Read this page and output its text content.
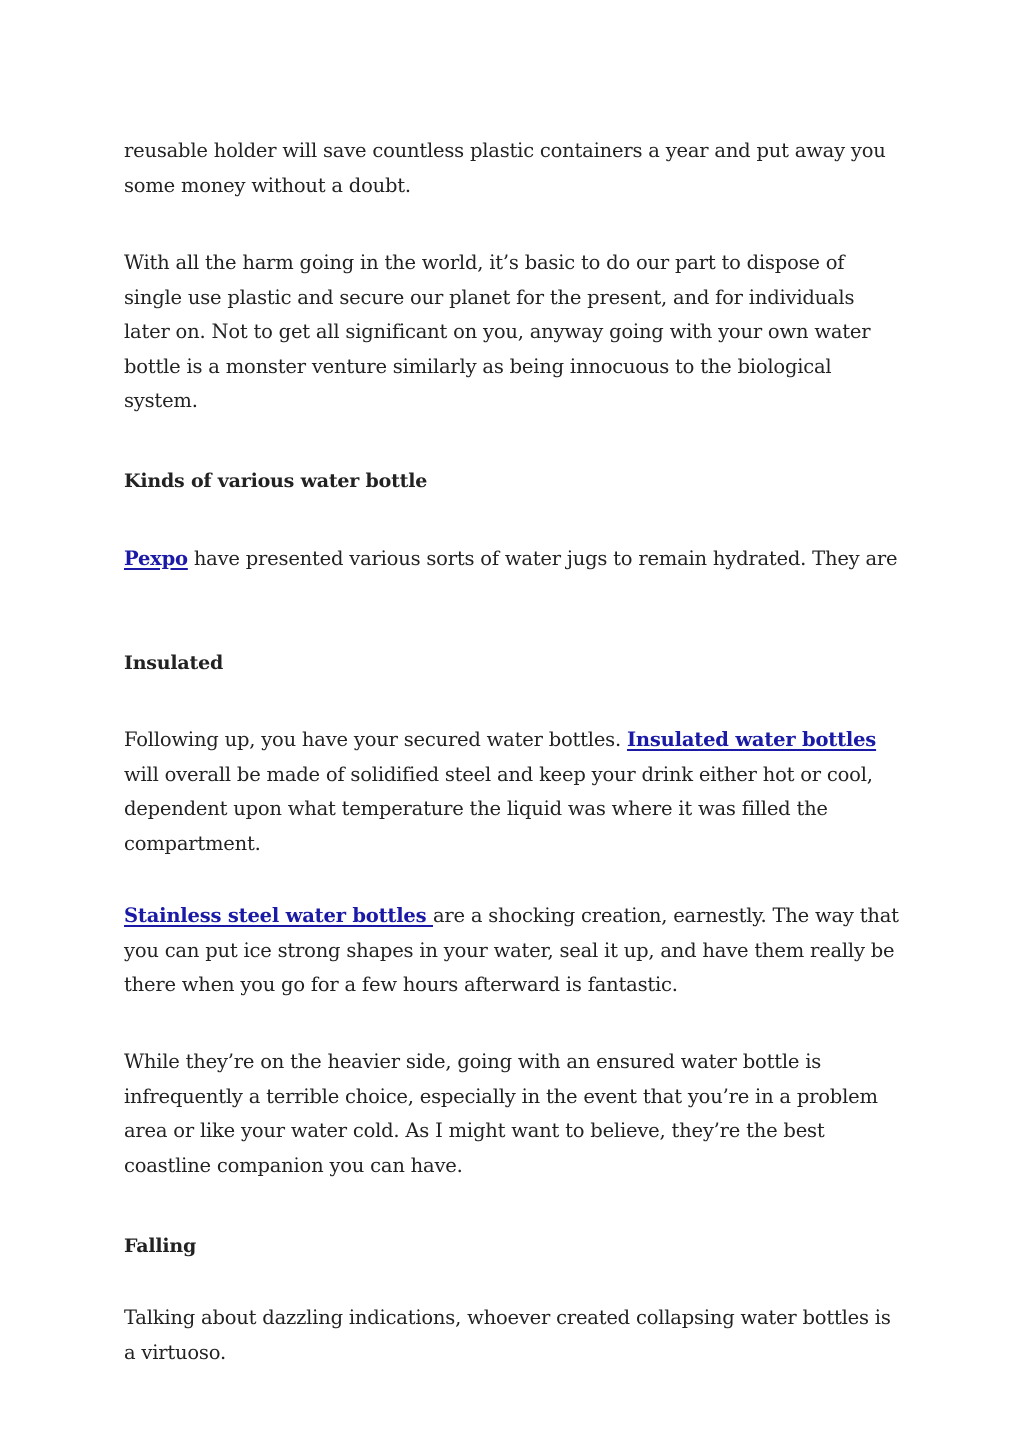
reusable holder will save countless plastic containers a year and put away you some money without a doubt.

With all the harm going in the world, it’s basic to do our part to dispose of single use plastic and secure our planet for the present, and for individuals later on. Not to get all significant on you, anyway going with your own water bottle is a monster venture similarly as being innocuous to the biological system.

Kinds of various water bottle

Pexpo have presented various sorts of water jugs to remain hydrated. They are

Insulated

Following up, you have your secured water bottles. Insulated water bottles will overall be made of solidified steel and keep your drink either hot or cool, dependent upon what temperature the liquid was where it was filled the compartment.

Stainless steel water bottles are a shocking creation, earnestly. The way that you can put ice strong shapes in your water, seal it up, and have them really be there when you go for a few hours afterward is fantastic.

While they’re on the heavier side, going with an ensured water bottle is infrequently a terrible choice, especially in the event that you’re in a problem area or like your water cold. As I might want to believe, they’re the best coastline companion you can have.

Falling

Talking about dazzling indications, whoever created collapsing water bottles is a virtuoso.
